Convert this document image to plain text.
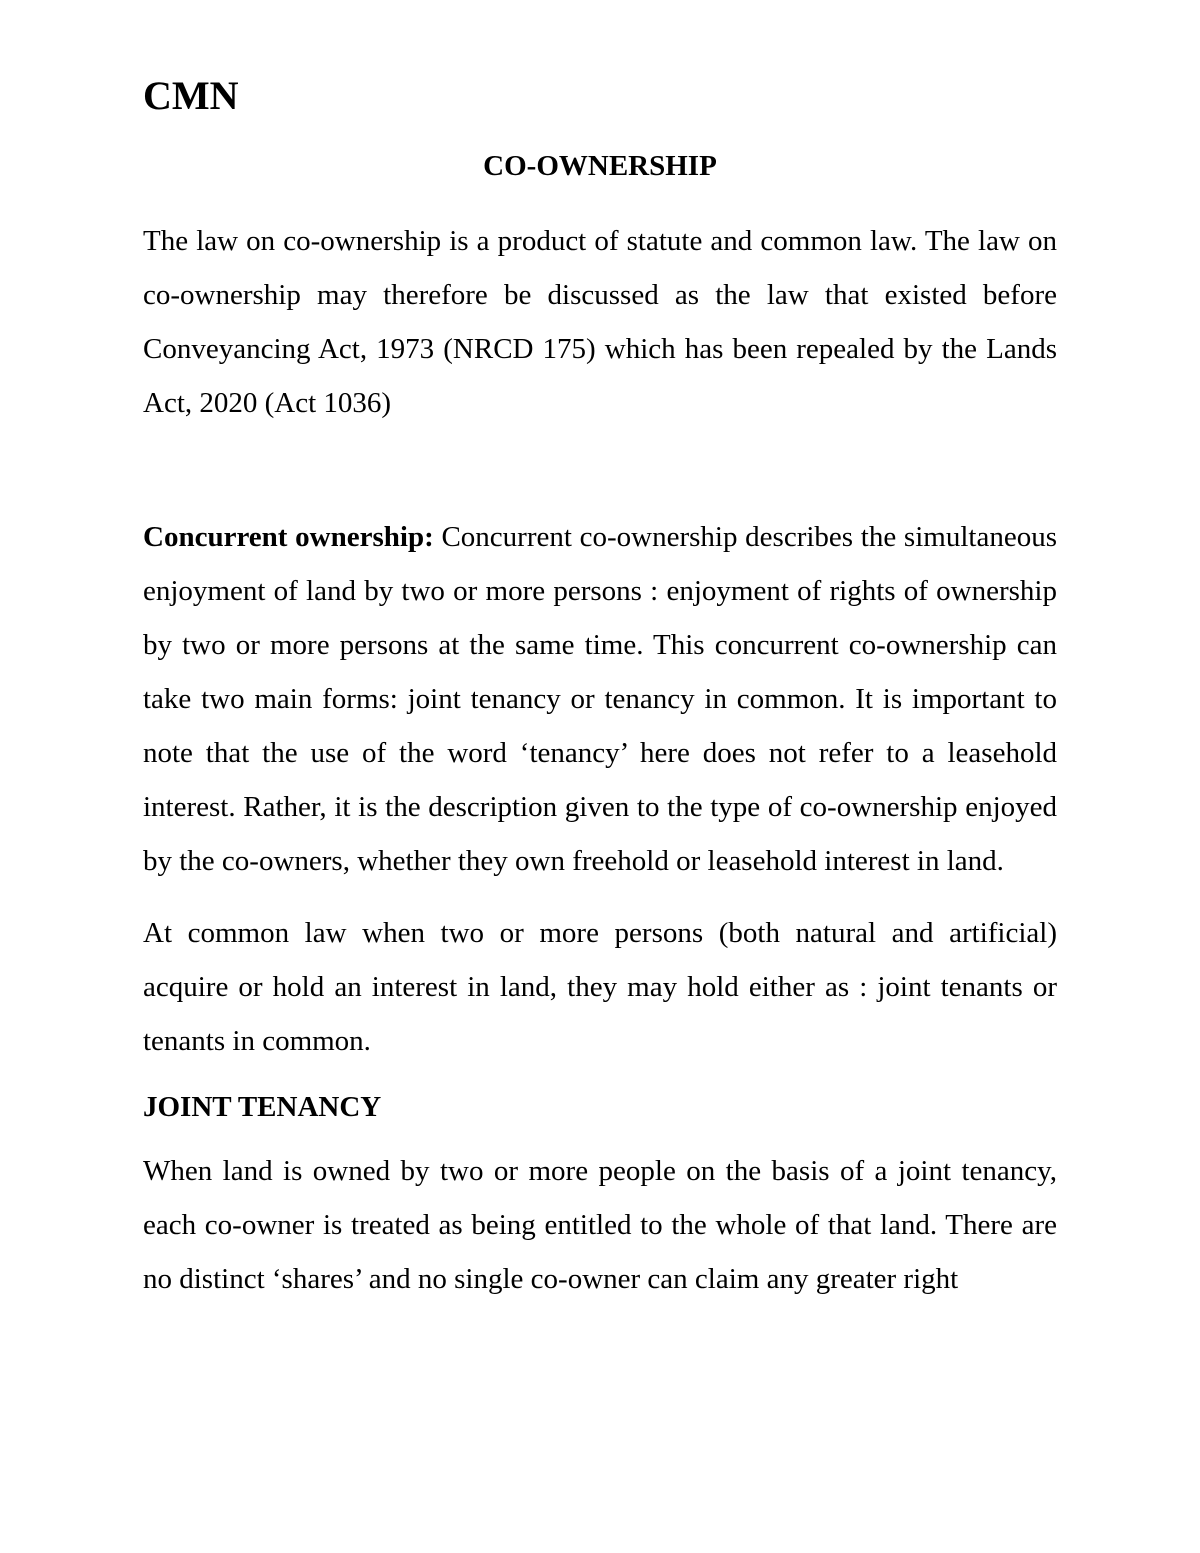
CMN
CO-OWNERSHIP

The law on co-ownership is a product of statute and common law. The law on co-ownership may therefore be discussed as the law that existed before Conveyancing Act, 1973 (NRCD 175) which has been repealed by the Lands Act, 2020 (Act 1036)

Concurrent ownership: Concurrent co-ownership describes the simultaneous enjoyment of land by two or more persons : enjoyment of rights of ownership by two or more persons at the same time. This concurrent co-ownership can take two main forms: joint tenancy or tenancy in common. It is important to note that the use of the word ‘tenancy’ here does not refer to a leasehold interest. Rather, it is the description given to the type of co-ownership enjoyed by the co-owners, whether they own freehold or leasehold interest in land.

At common law when two or more persons (both natural and artificial) acquire or hold an interest in land, they may hold either as : joint tenants or tenants in common.

JOINT TENANCY

When land is owned by two or more people on the basis of a joint tenancy, each co-owner is treated as being entitled to the whole of that land. There are no distinct ‘shares’ and no single co-owner can claim any greater right
